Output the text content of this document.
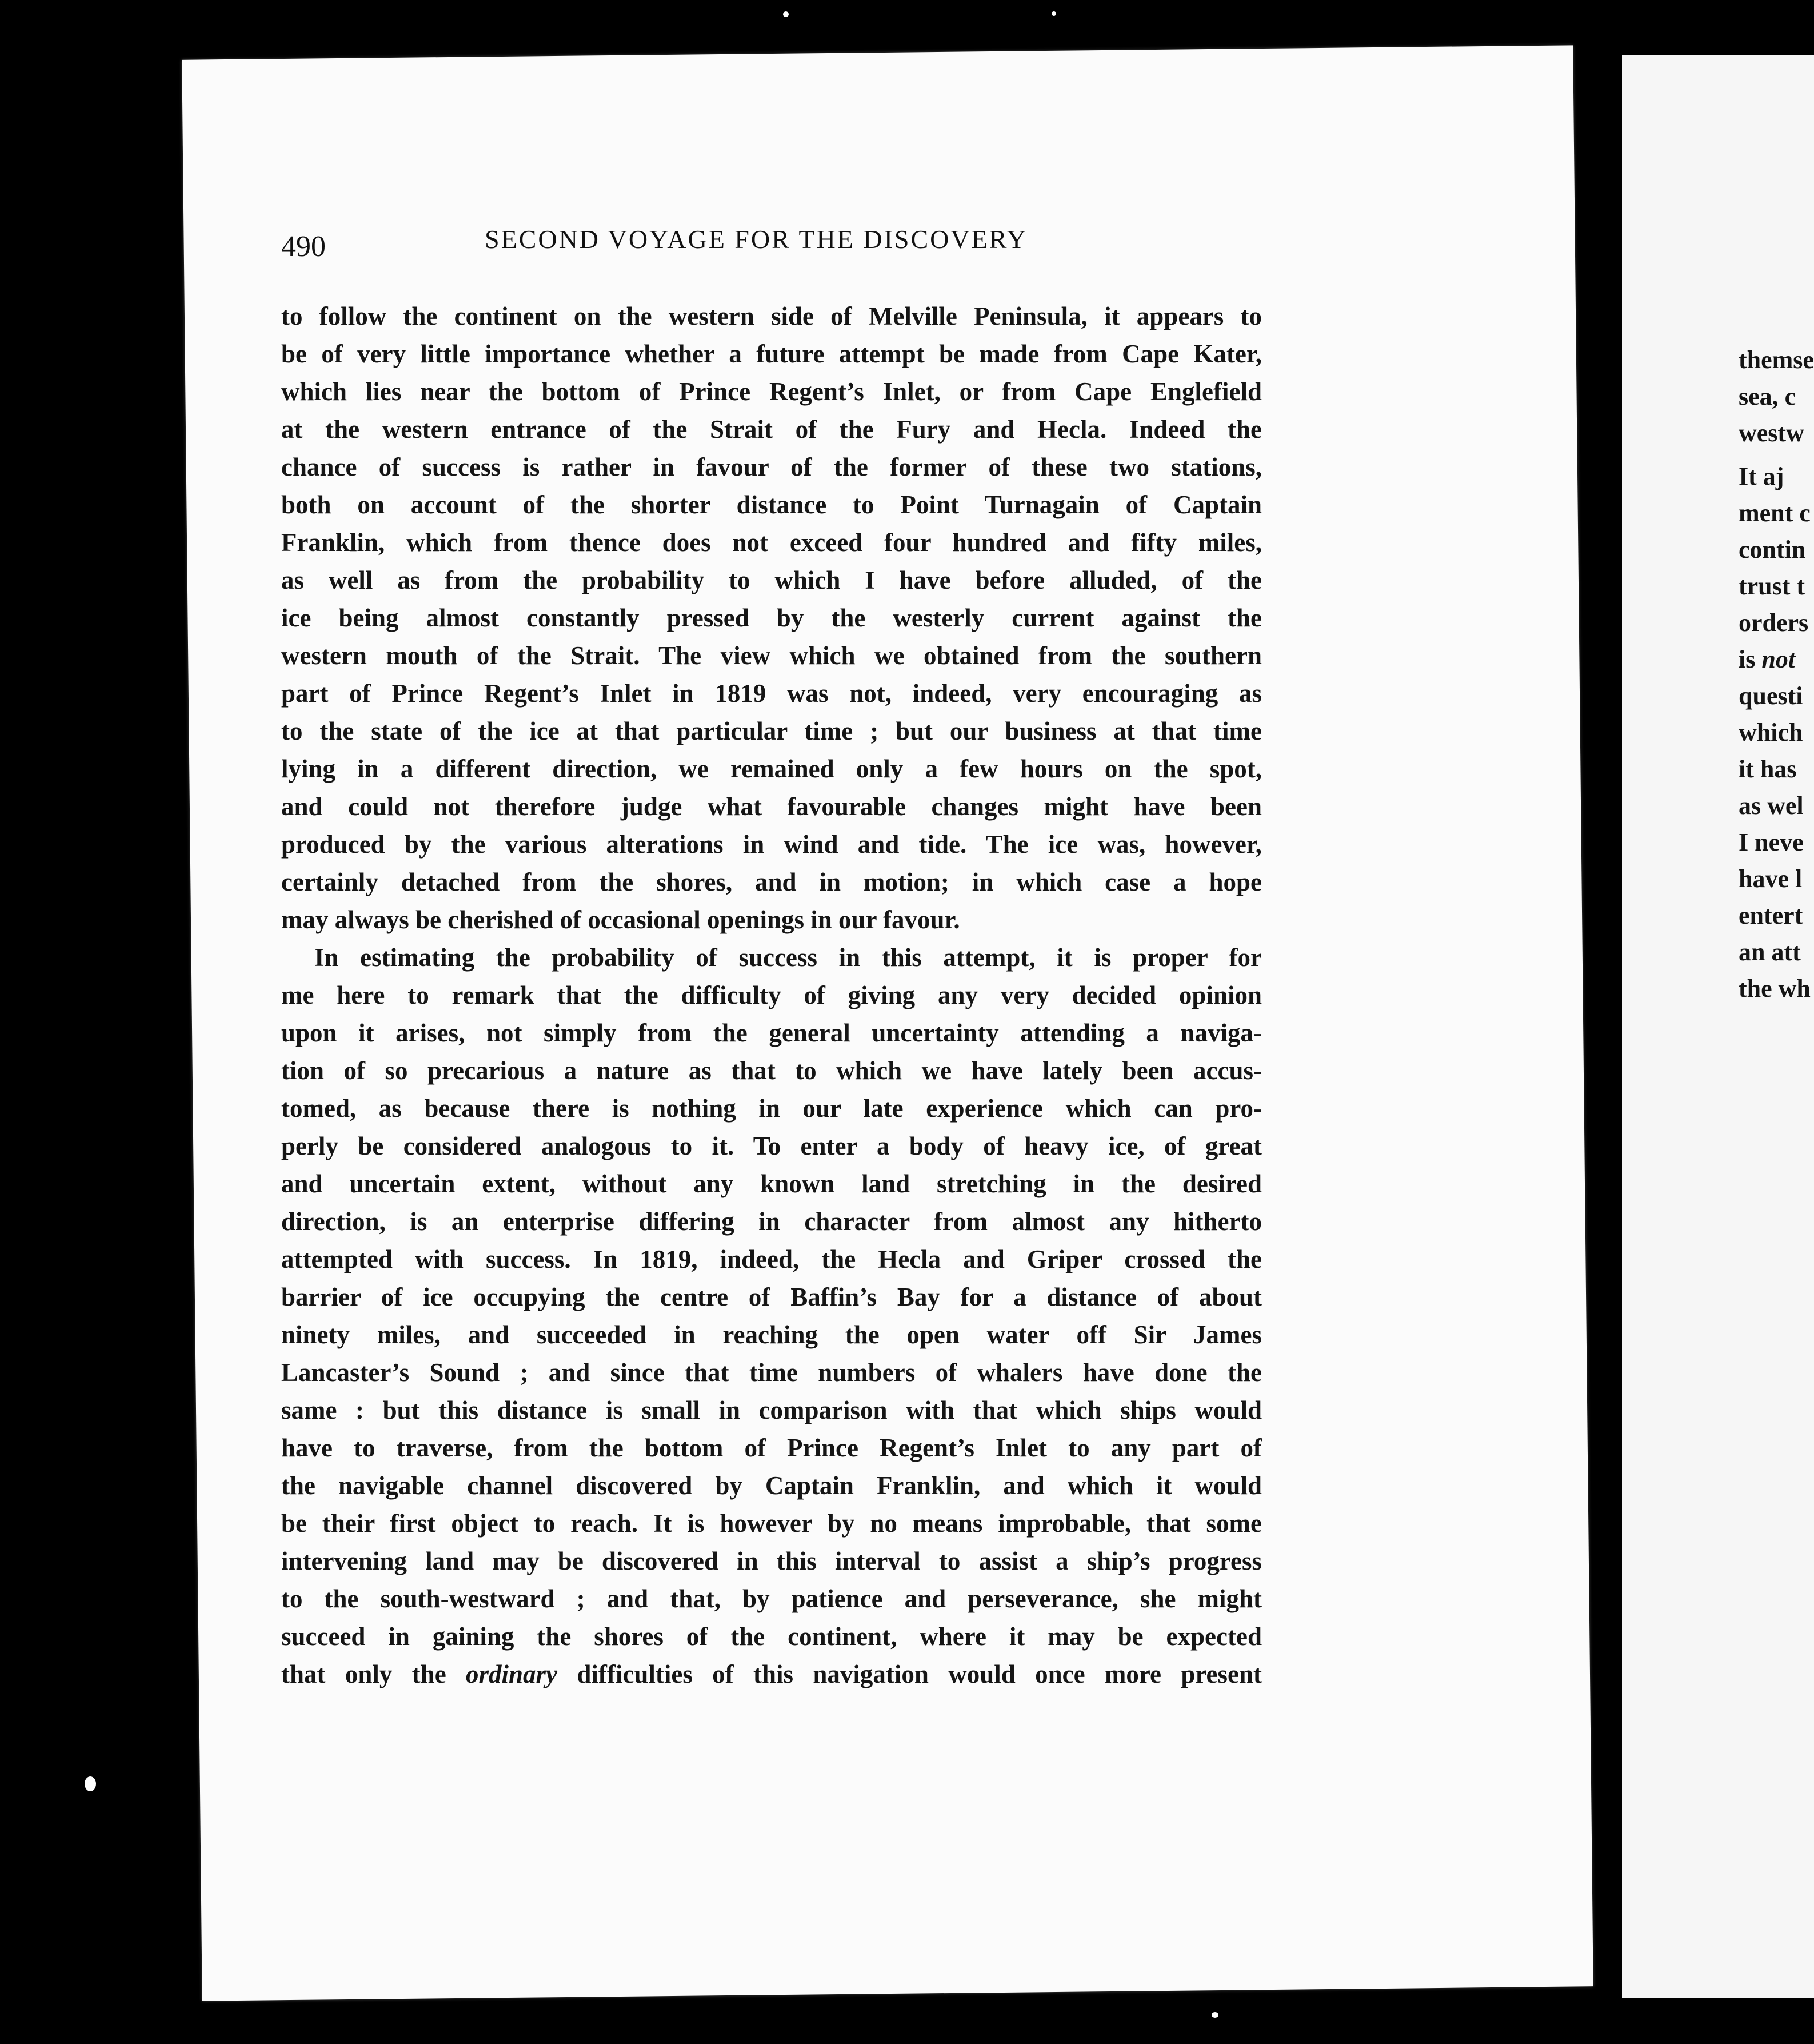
490	SECOND VOYAGE FOR THE DISCOVERY
to follow the continent on the western side of Melville Peninsula, it appears to
be of very little importance whether a future attempt be made from Cape Kater,
which lies near the bottom of Prince Regent’s Inlet, or from Cape Englefield
at the western entrance of the Strait of the Fury and Hecla. Indeed the
chance of success is rather in favour of the former of these two stations,
both on account of the shorter distance to Point Turnagain of Captain
Franklin, which from thence does not exceed four hundred and fifty miles,
as well as from the probability to which I have before alluded, of the
ice being almost constantly pressed by the westerly current against the
western mouth of the Strait. The view which we obtained from the southern
part of Prince Regent’s Inlet in 1819 was not, indeed, very encouraging as
to the state of the ice at that particular time ; but our business at that time
lying in a different direction, we remained only a few hours on the spot,
and could not therefore judge what favourable changes might have been
produced by the various alterations in wind and tide. The ice was, however,
certainly detached from the shores, and in motion; in which case a hope
may always be cherished of occasional openings in our favour.
In estimating the probability of success in this attempt, it is proper for
me here to remark that the difficulty of giving any very decided opinion
upon it arises, not simply from the general uncertainty attending a naviga-
tion of so precarious a nature as that to which we have lately been accus-
tomed, as because there is nothing in our late experience which can pro-
perly be considered analogous to it. To enter a body of heavy ice, of great
and uncertain extent, without any known land stretching in the desired
direction, is an enterprise differing in character from almost any hitherto
attempted with success. In 1819, indeed, the Hecla and Griper crossed the
barrier of ice occupying the centre of Baffin’s Bay for a distance of about
ninety miles, and succeeded in reaching the open water off Sir James
Lancaster’s Sound ; and since that time numbers of whalers have done the
same : but this distance is small in comparison with that which ships would
have to traverse, from the bottom of Prince Regent’s Inlet to any part of
the navigable channel discovered by Captain Franklin, and which it would
be their first object to reach. It is however by no means improbable, that some
intervening land may be discovered in this interval to assist a ship’s progress
to the south-westward ; and that, by patience and perseverance, she might
succeed in gaining the shores of the continent, where it may be expected
that only the ordinary difficulties of this navigation would once more present
themse
sea, c
westw
It aj
ment c
contin
trust t
orders
is not
questi
which
it has
as wel
I neve
have l
entert
an att
the wh
